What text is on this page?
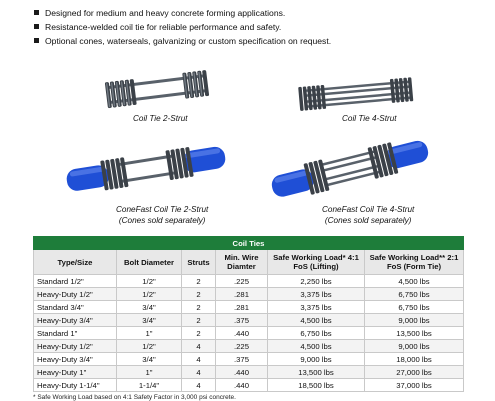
Designed for medium and heavy concrete forming applications.
Resistance-welded coil tie for reliable performance and safety.
Optional cones, waterseals, galvanizing or custom specification on request.
Coil Tie 2-Strut	Coil Tie 4-Strut
ConeFast Coil Tie 2-Strut
(Cones sold separately)
ConeFast Coil Tie 4-Strut
(Cones sold separately)
Coil Ties					
Type/Size	Bolt Diameter	Struts	Min. Wire Diamter	Safe Working Load* 4:1 FoS (Lifting)	Safe Working Load** 2:1 FoS (Form Tie)
Standard 1/2"	1/2"	2	.225	2,250 lbs	4,500 lbs
Heavy-Duty 1/2"	1/2"	2	.281	3,375 lbs	6,750 lbs
Standard 3/4"	3/4"	2	.281	3,375 lbs	6,750 lbs
Heavy-Duty 3/4"	3/4"	2	.375	4,500 lbs	9,000 lbs
Standard 1"	1"	2	.440	6,750 lbs	13,500 lbs
Heavy-Duty 1/2"	1/2"	4	.225	4,500 lbs	9,000 lbs
Heavy-Duty 3/4"	3/4"	4	.375	9,000 lbs	18,000 lbs
Heavy-Duty 1"	1"	4	.440	13,500 lbs	27,000 lbs
Heavy-Duty 1-1/4"	1-1/4"	4	.440	18,500 lbs	37,000 lbs
* Safe Working Load based on 4:1 Safety Factor in 3,000 psi concrete.
